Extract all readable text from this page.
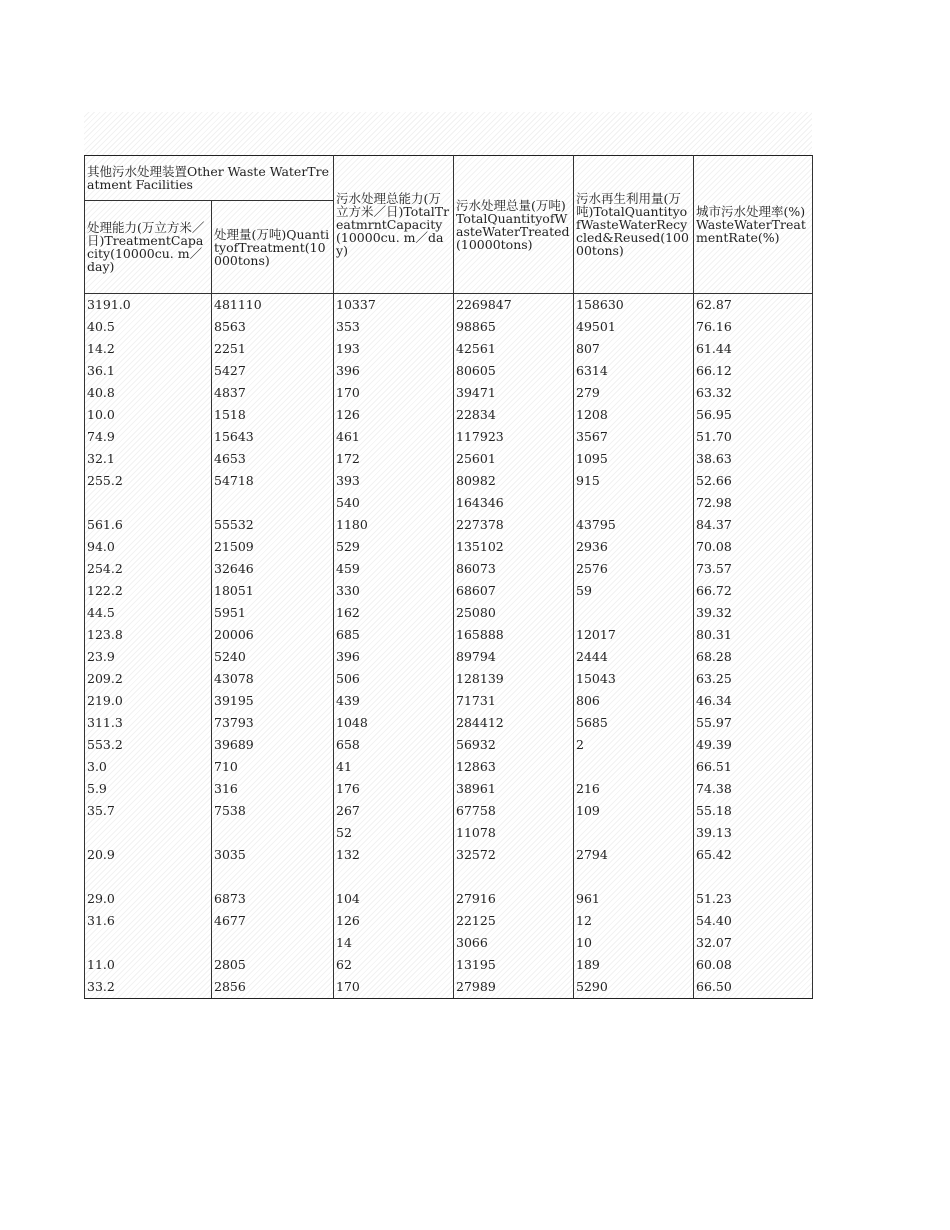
其他污水处理装置Other Waste WaterTreatment Facilities		污水处理总能力(万立方米／日)TotalTreatmrntCapacity(10000cu. m／day)	污水处理总量(万吨)TotalQuantityofWasteWaterTreated(10000tons)	污水再生利用量(万吨)TotalQuantityofWasteWaterRecycled&Reused(10000tons)	城市污水处理率(%)WasteWaterTreatmentRate(%)
处理能力(万立方米／日)TreatmentCapacity(10000cu. m／day)	处理量(万吨)QuantityofTreatment(10000tons)				
3191.0	481110	10337	2269847	158630	62.87
40.5	8563	353	98865	49501	76.16
14.2	2251	193	42561	807	61.44
36.1	5427	396	80605	6314	66.12
40.8	4837	170	39471	279	63.32
10.0	1518	126	22834	1208	56.95
74.9	15643	461	117923	3567	51.70
32.1	4653	172	25601	1095	38.63
255.2	54718	393	80982	915	52.66
		540	164346		72.98
561.6	55532	1180	227378	43795	84.37
94.0	21509	529	135102	2936	70.08
254.2	32646	459	86073	2576	73.57
122.2	18051	330	68607	59	66.72
44.5	5951	162	25080		39.32
123.8	20006	685	165888	12017	80.31
23.9	5240	396	89794	2444	68.28
209.2	43078	506	128139	15043	63.25
219.0	39195	439	71731	806	46.34
311.3	73793	1048	284412	5685	55.97
553.2	39689	658	56932	2	49.39
3.0	710	41	12863		66.51
5.9	316	176	38961	216	74.38
35.7	7538	267	67758	109	55.18
		52	11078		39.13
20.9	3035	132	32572	2794	65.42

29.0	6873	104	27916	961	51.23
31.6	4677	126	22125	12	54.40
		14	3066	10	32.07
11.0	2805	62	13195	189	60.08
33.2	2856	170	27989	5290	66.50
